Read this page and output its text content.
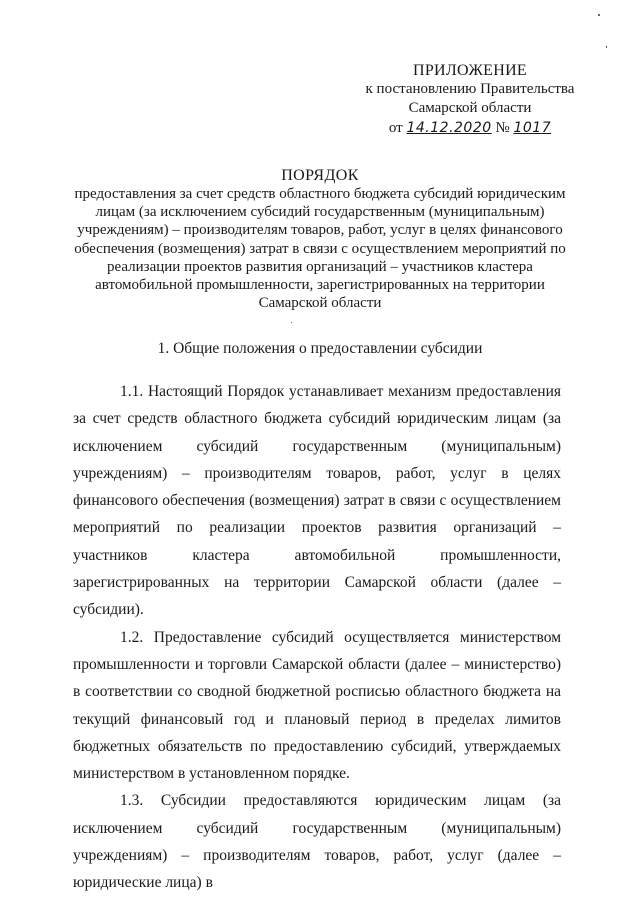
ПРИЛОЖЕНИЕ
к постановлению Правительства
Самарской области
от 14.12.2020 № 1017
ПОРЯДОК
предоставления за счет средств областного бюджета субсидий юридическим лицам (за исключением субсидий государственным (муниципальным) учреждениям) – производителям товаров, работ, услуг в целях финансового обеспечения (возмещения) затрат в связи с осуществлением мероприятий по реализации проектов развития организаций – участников кластера автомобильной промышленности, зарегистрированных на территории Самарской области
1. Общие положения о предоставлении субсидии

1.1. Настоящий Порядок устанавливает механизм предоставления за счет средств областного бюджета субсидий юридическим лицам (за исключением субсидий государственным (муниципальным) учреждениям) – производителям товаров, работ, услуг в целях финансового обеспечения (возмещения) затрат в связи с осуществлением мероприятий по реализации проектов развития организаций – участников кластера автомобильной промышленности, зарегистрированных на территории Самарской области (далее – субсидии).

1.2. Предоставление субсидий осуществляется министерством промышленности и торговли Самарской области (далее – министерство) в соответствии со сводной бюджетной росписью областного бюджета на текущий финансовый год и плановый период в пределах лимитов бюджетных обязательств по предоставлению субсидий, утверждаемых министерством в установленном порядке.

1.3. Субсидии предоставляются юридическим лицам (за исключением субсидий государственным (муниципальным) учреждениям) – производителям товаров, работ, услуг (далее – юридические лица) в
